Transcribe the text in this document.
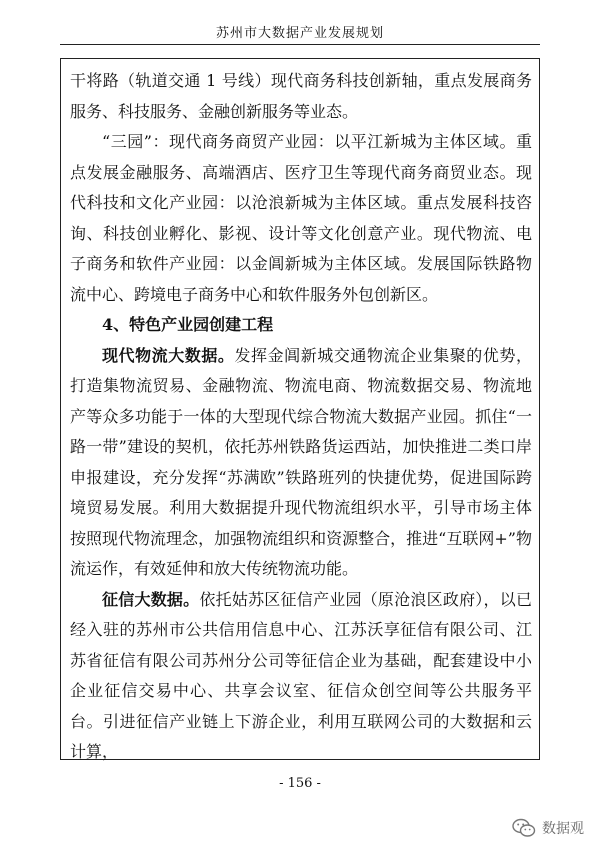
苏州市大数据产业发展规划

干将路（轨道交通 1 号线）现代商务科技创新轴，重点发展商务服务、科技服务、金融创新服务等业态。

“三园”：现代商务商贸产业园：以平江新城为主体区域。重点发展金融服务、高端酒店、医疗卫生等现代商务商贸业态。现代科技和文化产业园：以沧浪新城为主体区域。重点发展科技咨询、科技创业孵化、影视、设计等文化创意产业。现代物流、电子商务和软件产业园：以金阊新城为主体区域。发展国际铁路物流中心、跨境电子商务中心和软件服务外包创新区。

4、特色产业园创建工程

现代物流大数据。发挥金阊新城交通物流企业集聚的优势，打造集物流贸易、金融物流、物流电商、物流数据交易、物流地产等众多功能于一体的大型现代综合物流大数据产业园。抓住“一路一带”建设的契机，依托苏州铁路货运西站，加快推进二类口岸申报建设，充分发挥“苏满欧”铁路班列的快捷优势，促进国际跨境贸易发展。利用大数据提升现代物流组织水平，引导市场主体按照现代物流理念，加强物流组织和资源整合，推进“互联网+”物流运作，有效延伸和放大传统物流功能。

征信大数据。依托姑苏区征信产业园（原沧浪区政府），以已经入驻的苏州市公共信用信息中心、江苏沃享征信有限公司、江苏省征信有限公司苏州分公司等征信企业为基础，配套建设中小企业征信交易中心、共享会议室、征信众创空间等公共服务平台。引进征信产业链上下游企业，利用互联网公司的大数据和云计算，

- 156 -
数据观
